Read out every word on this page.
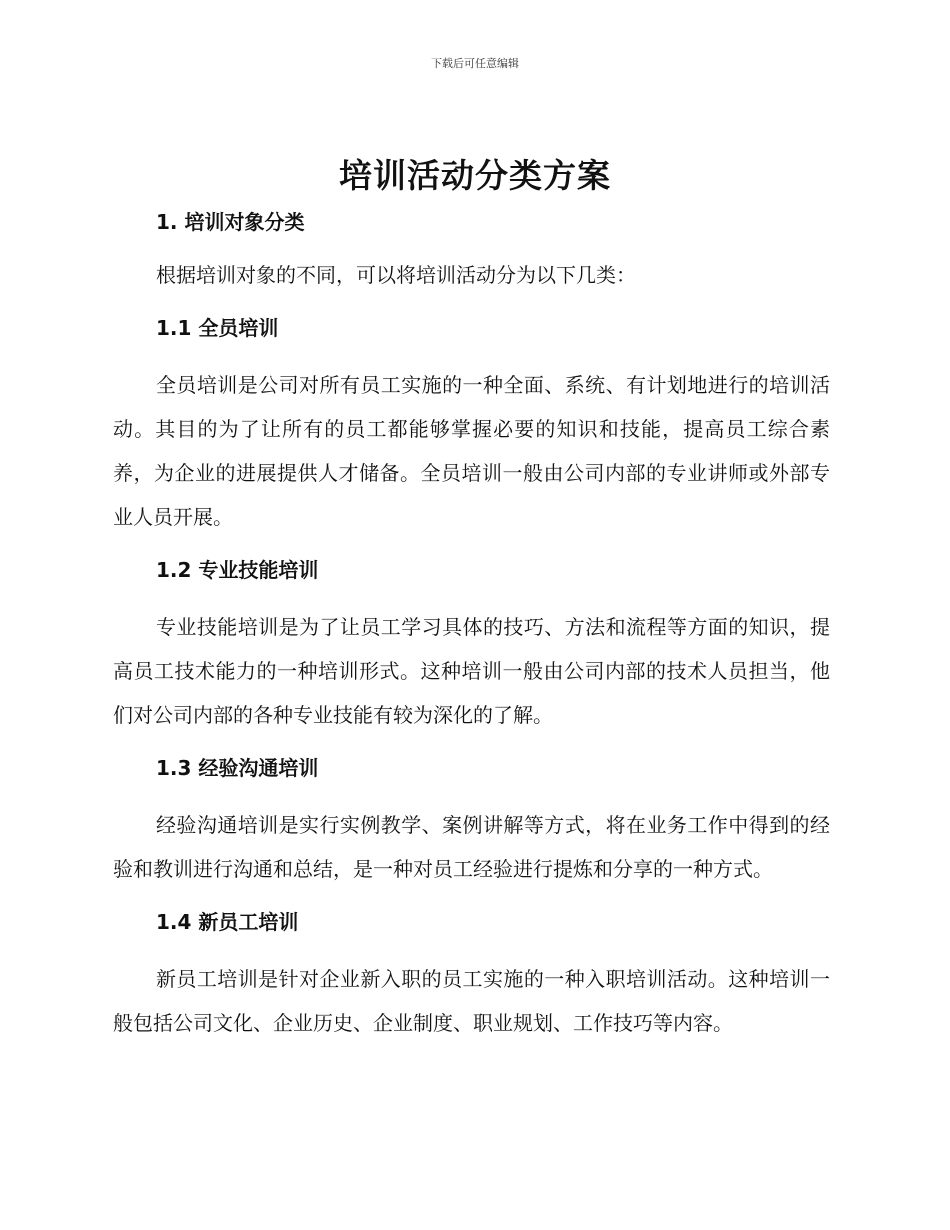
下载后可任意编辑
培训活动分类方案
1. 培训对象分类

根据培训对象的不同，可以将培训活动分为以下几类：

1.1 全员培训

全员培训是公司对所有员工实施的一种全面、系统、有计划地进行的培训活动。其目的为了让所有的员工都能够掌握必要的知识和技能，提高员工综合素养，为企业的进展提供人才储备。全员培训一般由公司内部的专业讲师或外部专业人员开展。

1.2 专业技能培训

专业技能培训是为了让员工学习具体的技巧、方法和流程等方面的知识，提高员工技术能力的一种培训形式。这种培训一般由公司内部的技术人员担当，他们对公司内部的各种专业技能有较为深化的了解。

1.3 经验沟通培训

经验沟通培训是实行实例教学、案例讲解等方式，将在业务工作中得到的经验和教训进行沟通和总结，是一种对员工经验进行提炼和分享的一种方式。

1.4 新员工培训

新员工培训是针对企业新入职的员工实施的一种入职培训活动。这种培训一般包括公司文化、企业历史、企业制度、职业规划、工作技巧等内容。
